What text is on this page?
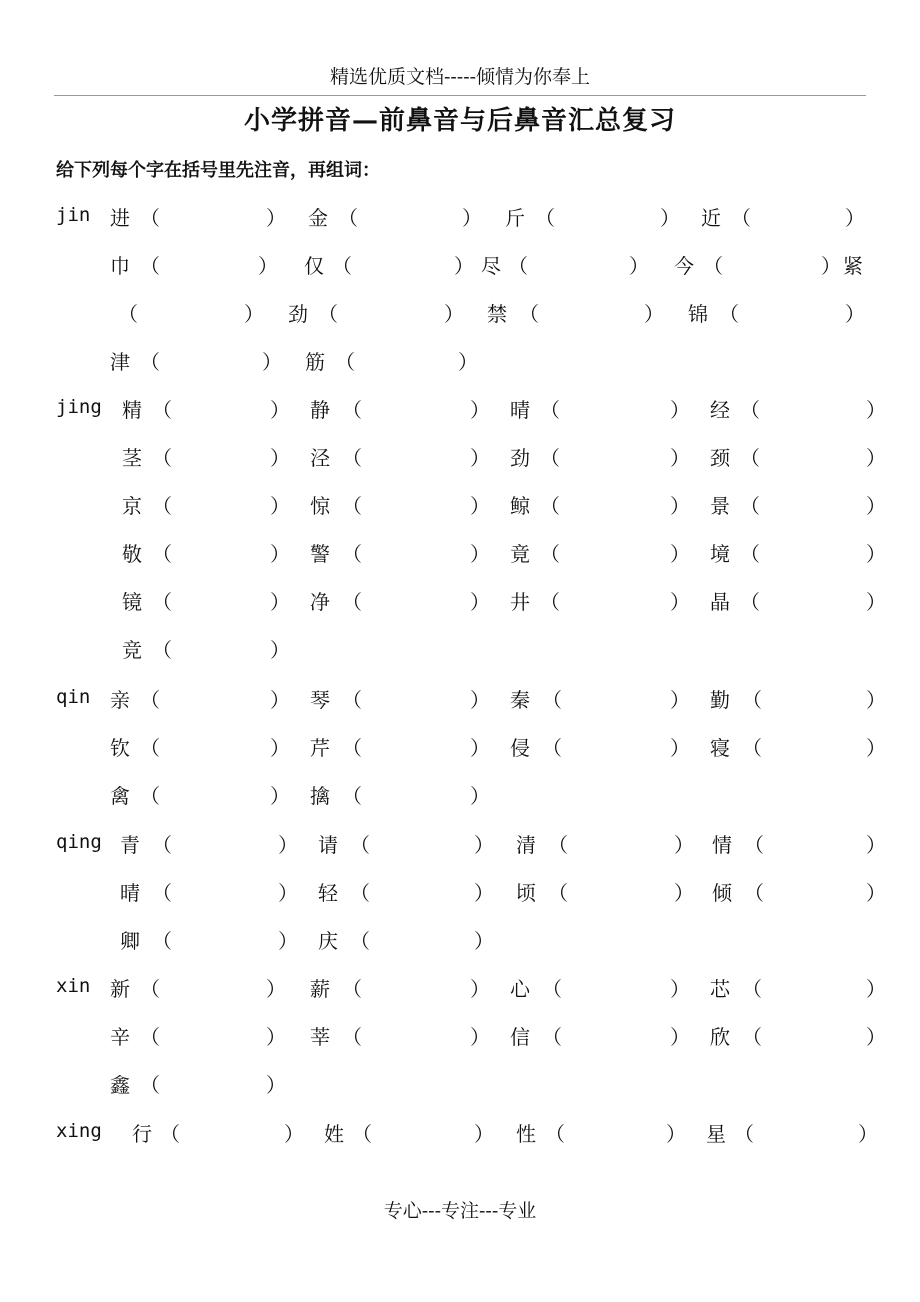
精选优质文档-----倾情为你奉上
小学拼音—前鼻音与后鼻音汇总复习
给下列每个字在括号里先注音，再组词：
jin 进 （	） 金 （	） 斤 （	） 近 （	）
巾 （	） 仅 （	） 尽 （	） 今 （	） 紧
（	） 劲 （	） 禁 （	） 锦 （	）
津 （	） 筋 （	）
jing 精 （	） 静 （	） 晴 （	） 经 （	）
茎 （	） 泾 （	） 劲 （	） 颈 （	）
京 （	） 惊 （	） 鲸 （	） 景 （	）
敬 （	） 警 （	） 竟 （	） 境 （	）
镜 （	） 净 （	） 井 （	） 晶 （	）
竞 （	）
qin 亲 （	） 琴 （	） 秦 （	） 勤 （	）
钦 （	） 芹 （	） 侵 （	） 寝 （	）
禽 （	） 擒 （	）
qing 青 （	） 请 （	） 清 （	） 情 （	）
晴 （	） 轻 （	） 顷 （	） 倾 （	）
卿 （	） 庆 （	）
xin 新 （	） 薪 （	） 心 （	） 芯 （	）
辛 （	） 莘 （	） 信 （	） 欣 （	）
鑫 （	）
xing 行 （	） 姓 （	） 性 （	） 星 （	）
专心---专注---专业
